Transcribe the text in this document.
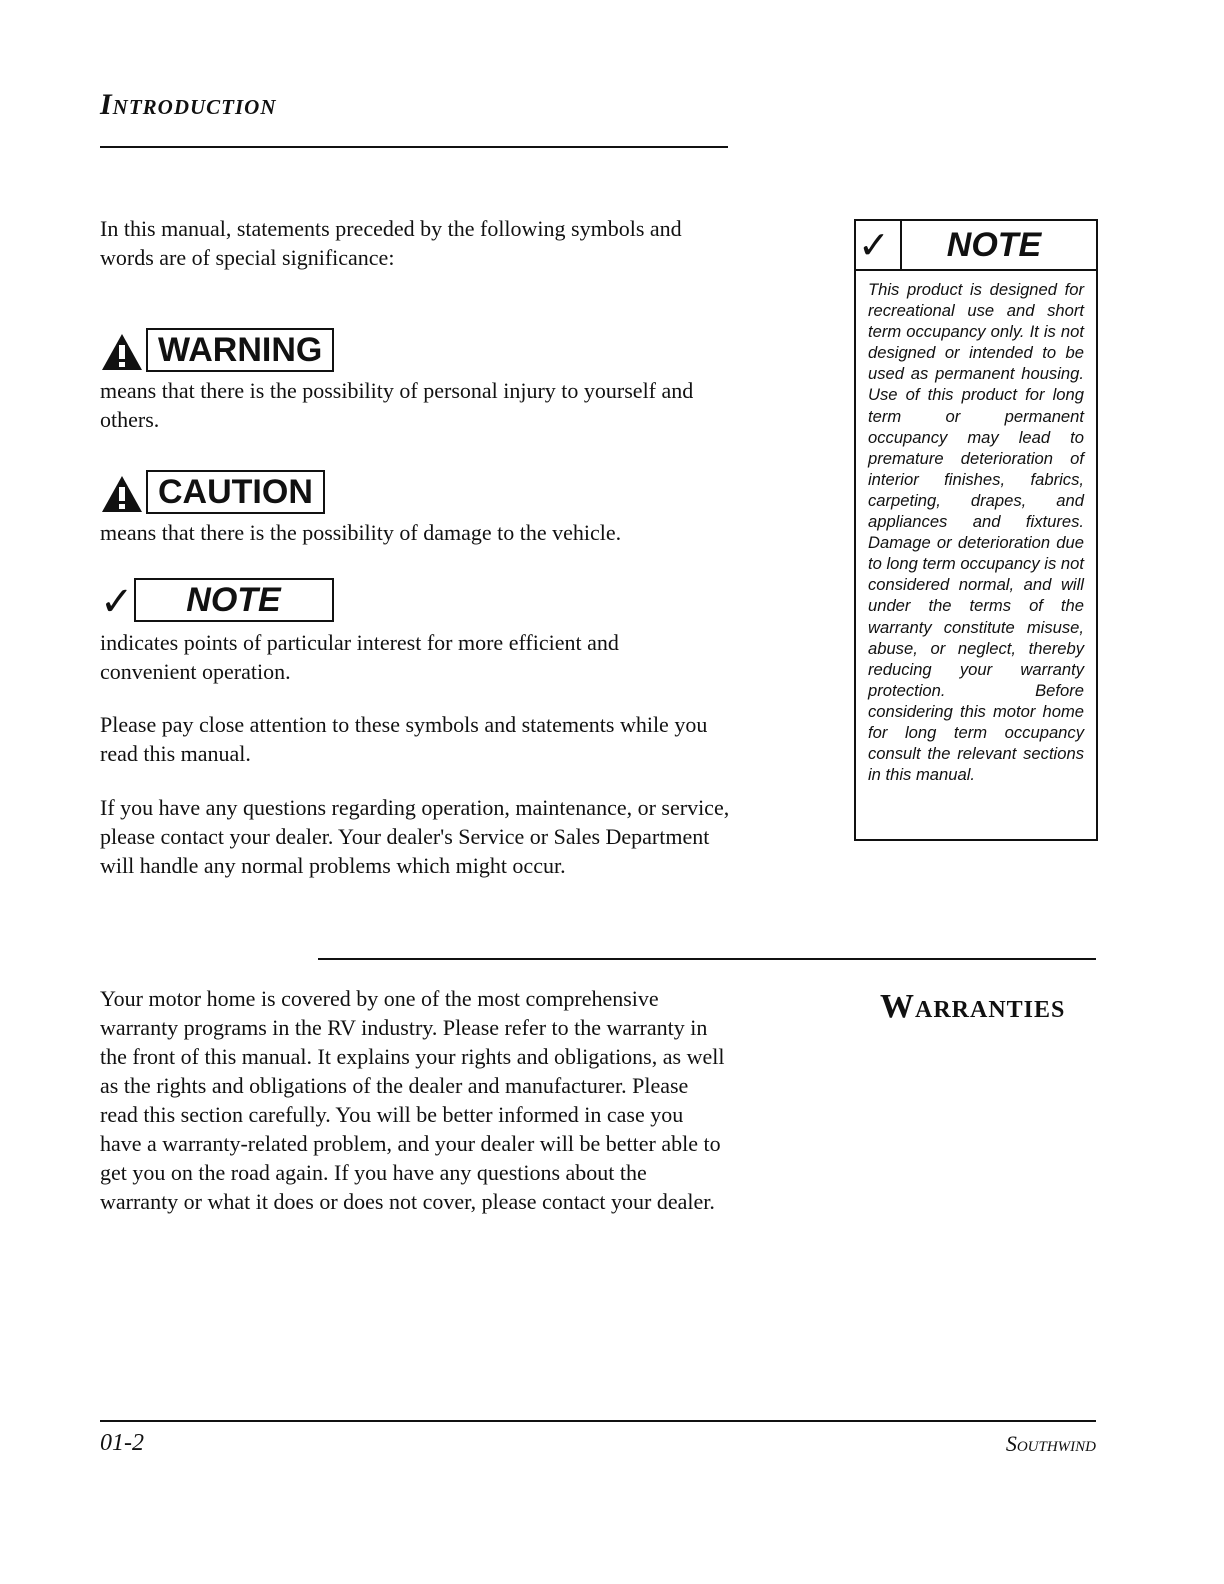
Introduction
In this manual, statements preceded by the following symbols and words are of special significance:
WARNING
means that there is the possibility of personal injury to yourself and others.
CAUTION
means that there is the possibility of damage to the vehicle.
✓	NOTE
indicates points of particular interest for more efficient and convenient operation.
Please pay close attention to these symbols and statements while you read this manual.
If you have any questions regarding operation, maintenance, or service, please contact your dealer. Your dealer's Service or Sales Department will handle any normal problems which might occur.
✓	NOTE
This product is designed for recreational use and short term occupancy only. It is not designed or intended to be used as permanent housing. Use of this product for long term or permanent occupancy may lead to premature deterioration of interior finishes, fabrics, carpeting, drapes, and appliances and fixtures. Damage or deterioration due to long term occupancy is not considered normal, and will under the terms of the warranty constitute misuse, abuse, or neglect, thereby reducing your warranty protection. Before considering this motor home for long term occupancy consult the relevant sections in this manual.
Your motor home is covered by one of the most comprehensive warranty programs in the RV industry. Please refer to the warranty in the front of this manual. It explains your rights and obligations, as well as the rights and obligations of the dealer and manufacturer. Please read this section carefully. You will be better informed in case you have a warranty-related problem, and your dealer will be better able to get you on the road again. If you have any questions about the warranty or what it does or does not cover, please contact your dealer.
Warranties
01-2	Southwind
